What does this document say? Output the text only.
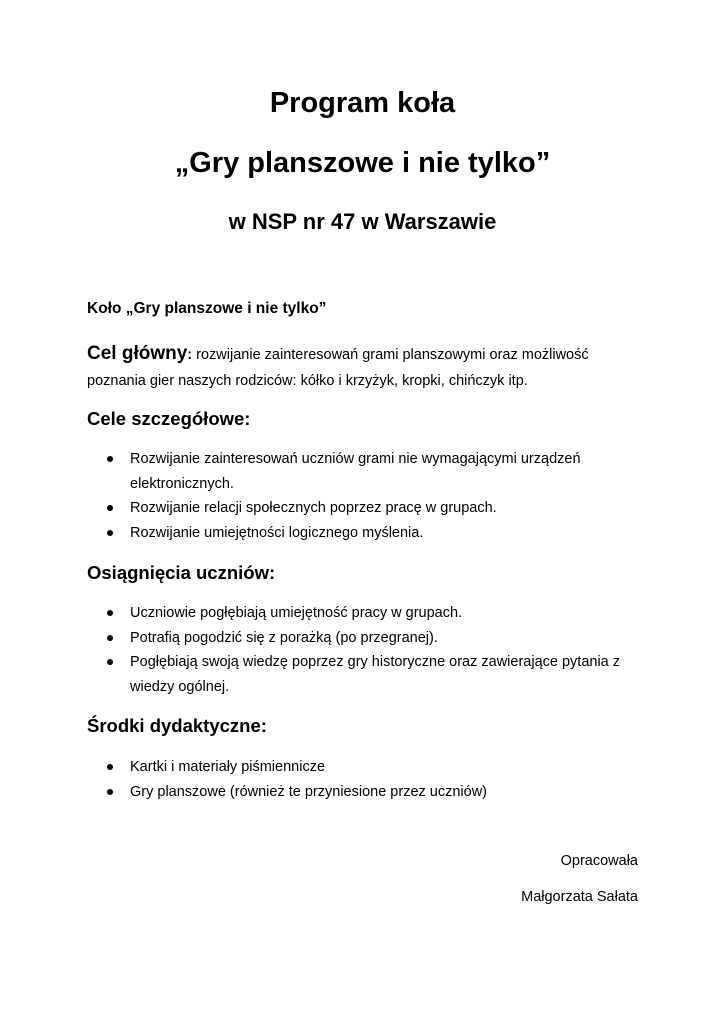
Program koła
„Gry planszowe i nie tylko”
w NSP nr 47 w Warszawie

Koło „Gry planszowe i nie tylko”

Cel główny: rozwijanie zainteresowań grami planszowymi oraz możliwość poznania gier naszych rodziców: kółko i krzyżyk, kropki, chińczyk itp.

Cele szczegółowe:
Rozwijanie zainteresowań uczniów grami nie wymagającymi urządzeń elektronicznych.
Rozwijanie relacji społecznych poprzez pracę w grupach.
Rozwijanie umiejętności logicznego myślenia.
Osiągnięcia uczniów:
Uczniowie pogłębiają umiejętność pracy w grupach.
Potrafią pogodzić się z porażką (po przegranej).
Pogłębiają swoją wiedzę poprzez gry historyczne oraz zawierające pytania z wiedzy ogólnej.
Środki dydaktyczne:
Kartki i materiały piśmiennicze
Gry planszowe (również te przyniesione przez uczniów)

Opracowała

Małgorzata Sałata
